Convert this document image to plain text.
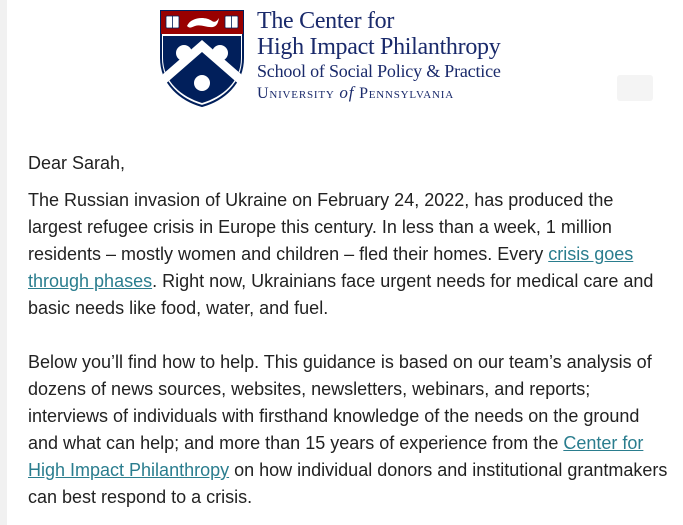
The Center for
High Impact Philanthropy
School of Social Policy & Practice
University of Pennsylvania

Dear Sarah,

The Russian invasion of Ukraine on February 24, 2022, has produced the largest refugee crisis in Europe this century. In less than a week, 1 million residents – mostly women and children – fled their homes. Every crisis goes through phases. Right now, Ukrainians face urgent needs for medical care and basic needs like food, water, and fuel.

Below you’ll find how to help. This guidance is based on our team’s analysis of dozens of news sources, websites, newsletters, webinars, and reports; interviews of individuals with firsthand knowledge of the needs on the ground and what can help; and more than 15 years of experience from the Center for High Impact Philanthropy on how individual donors and institutional grantmakers can best respond to a crisis.
